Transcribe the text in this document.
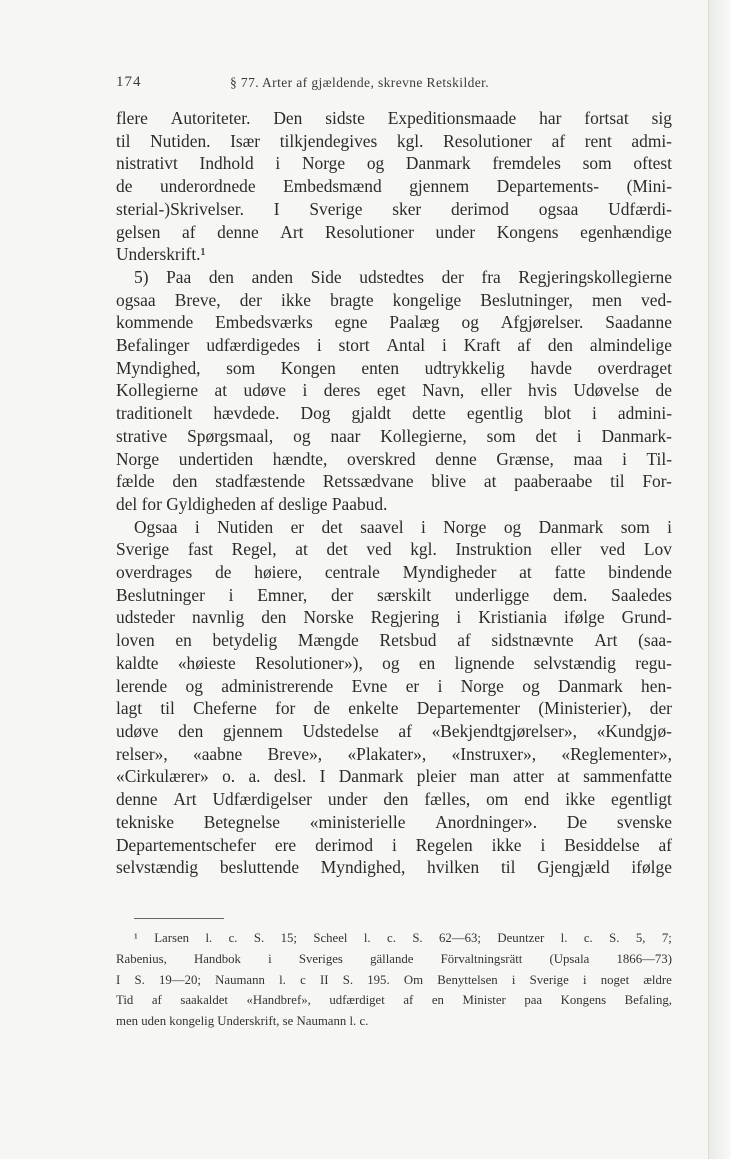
174	§ 77. Arter af gjældende, skrevne Retskilder.
flere Autoriteter. Den sidste Expeditionsmaade har fortsat sig
til Nutiden. Især tilkjendegives kgl. Resolutioner af rent admi-
nistrativt Indhold i Norge og Danmark fremdeles som oftest
de underordnede Embedsmænd gjennem Departements- (Mini-
sterial-)Skrivelser. I Sverige sker derimod ogsaa Udfærdi-
gelsen af denne Art Resolutioner under Kongens egenhændige
Underskrift.¹
5) Paa den anden Side udstedtes der fra Regjeringskollegierne
ogsaa Breve, der ikke bragte kongelige Beslutninger, men ved-
kommende Embedsværks egne Paalæg og Afgjørelser. Saadanne
Befalinger udfærdigedes i stort Antal i Kraft af den almindelige
Myndighed, som Kongen enten udtrykkelig havde overdraget
Kollegierne at udøve i deres eget Navn, eller hvis Udøvelse de
traditionelt hævdede. Dog gjaldt dette egentlig blot i admini-
strative Spørgsmaal, og naar Kollegierne, som det i Danmark-
Norge undertiden hændte, overskred denne Grænse, maa i Til-
fælde den stadfæstende Retssædvane blive at paaberaabe til For-
del for Gyldigheden af deslige Paabud.
Ogsaa i Nutiden er det saavel i Norge og Danmark som i
Sverige fast Regel, at det ved kgl. Instruktion eller ved Lov
overdrages de høiere, centrale Myndigheder at fatte bindende
Beslutninger i Emner, der særskilt underligge dem. Saaledes
udsteder navnlig den Norske Regjering i Kristiania ifølge Grund-
loven en betydelig Mængde Retsbud af sidstnævnte Art (saa-
kaldte «høieste Resolutioner»), og en lignende selvstændig regu-
lerende og administrerende Evne er i Norge og Danmark hen-
lagt til Cheferne for de enkelte Departementer (Ministerier), der
udøve den gjennem Udstedelse af «Bekjendtgjørelser», «Kundgjø-
relser», «aabne Breve», «Plakater», «Instruxer», «Reglementer»,
«Cirkulærer» o. a. desl. I Danmark pleier man atter at sammenfatte
denne Art Udfærdigelser under den fælles, om end ikke egentligt
tekniske Betegnelse «ministerielle Anordninger». De svenske
Departementschefer ere derimod i Regelen ikke i Besiddelse af
selvstændig besluttende Myndighed, hvilken til Gjengjæld ifølge
¹ Larsen l. c. S. 15; Scheel l. c. S. 62—63; Deuntzer l. c. S. 5, 7;
Rabenius, Handbok i Sveriges gällande Förvaltningsrätt (Upsala 1866—73)
I S. 19—20; Naumann l. c II S. 195. Om Benyttelsen i Sverige i noget ældre
Tid af saakaldet «Handbref», udfærdiget af en Minister paa Kongens Befaling,
men uden kongelig Underskrift, se Naumann l. c.
